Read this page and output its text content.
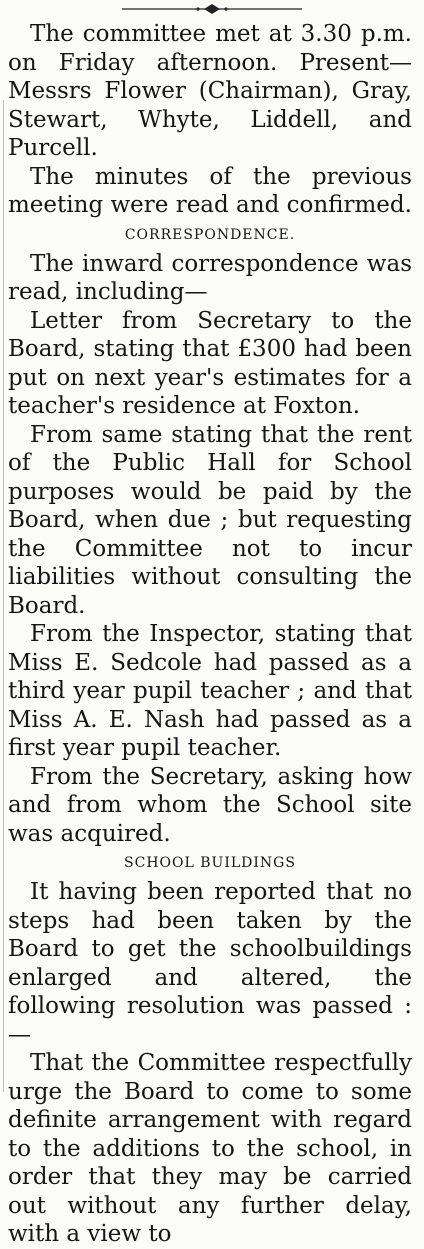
The committee met at 3.30 p.m. on Friday afternoon. Present—Messrs Flower (Chairman), Gray, Stewart, Whyte, Liddell, and Purcell.

The minutes of the previous meeting were read and confirmed.

CORRESPONDENCE.

The inward correspondence was read, including—

Letter from Secretary to the Board, stating that £300 had been put on next year's estimates for a teacher's residence at Foxton.

From same stating that the rent of the Public Hall for School purposes would be paid by the Board, when due ; but requesting the Committee not to incur liabilities without consulting the Board.

From the Inspector, stating that Miss E. Sedcole had passed as a third year pupil teacher ; and that Miss A. E. Nash had passed as a first year pupil teacher.

From the Secretary, asking how and from whom the School site was acquired.

SCHOOL BUILDINGS

It having been reported that no steps had been taken by the Board to get the schoolbuildings enlarged and altered, the following resolution was passed :—

That the Committee respectfully urge the Board to come to some definite arrangement with regard to the additions to the school, in order that they may be carried out without any further delay, with a view to
